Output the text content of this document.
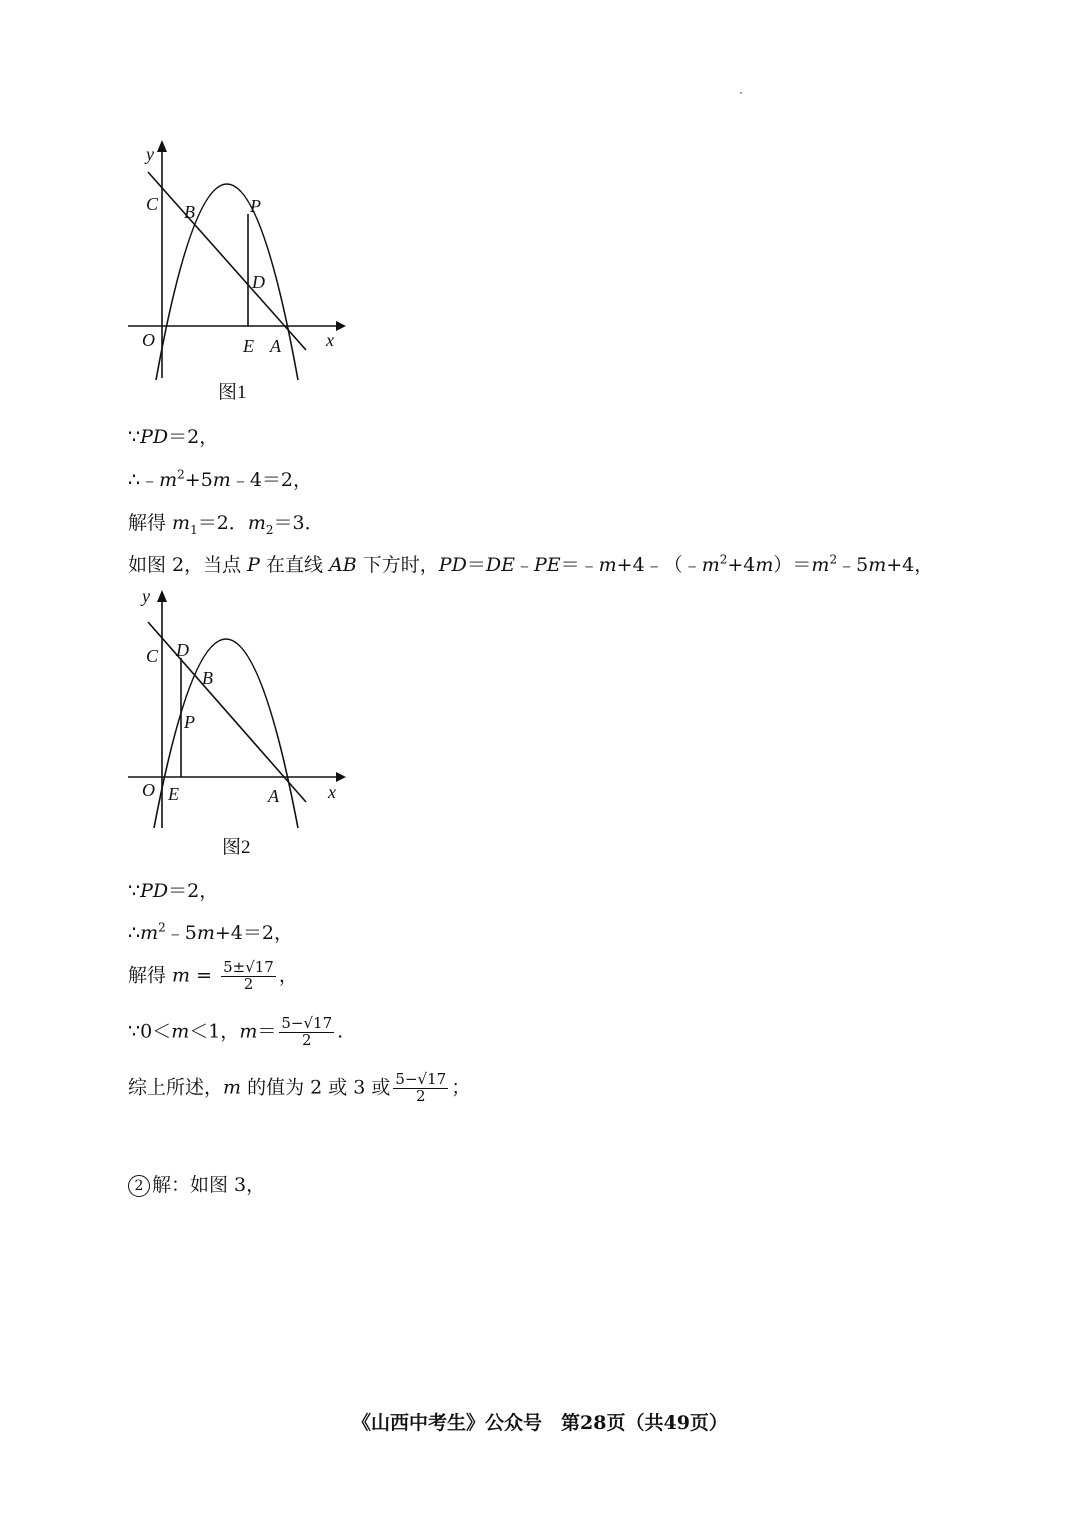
y
x
O
C B	P
D
E A
图1
∵PD＝2，
$\therefore﹣m^2+5m﹣4=2$，
解得 $m_1=2$．$m_2=3$．
如图 2，当点 P 在直线 AB 下方时，$PD=DE﹣PE=﹣m+4﹣(﹣m^2+4m)=m^2﹣5m+4$，
y
x
O
C D
B
P
E	A
图2
∵PD＝2，
$\therefore m^2﹣5m+4=2$，
解得 $m = \frac{5\pm√17}{2}$ ，
∵0＜m＜1，$m= \frac{5-√17}{2}$ .
综上所述，m 的值为 2 或 3 或 $\frac{5-√17}{2}$ ；
2 解：如图 3，
《山西中考生》公众号　第28页（共49页）
